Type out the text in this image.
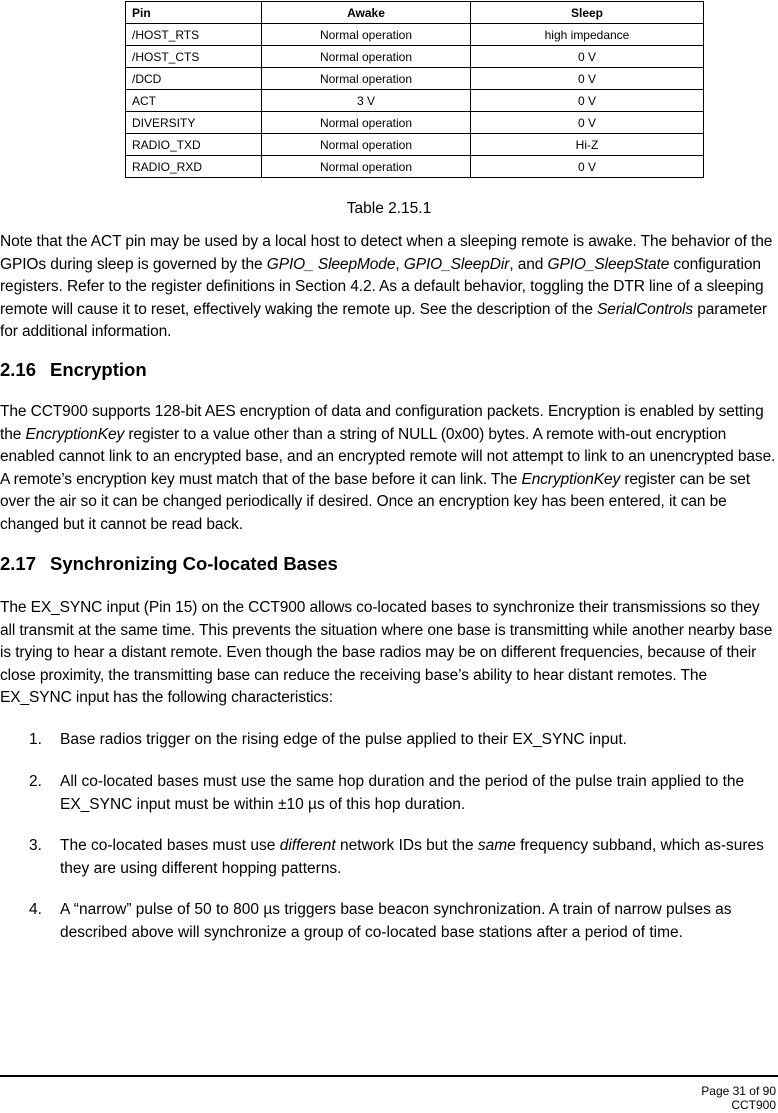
Pin	Awake	Sleep
/HOST_RTS	Normal operation	high impedance
/HOST_CTS	Normal operation	0 V
/DCD	Normal operation	0 V
ACT	3 V	0 V
DIVERSITY	Normal operation	0 V
RADIO_TXD	Normal operation	Hi-Z
RADIO_RXD	Normal operation	0 V
Table 2.15.1

Note that the ACT pin may be used by a local host to detect when a sleeping remote is awake. The behavior of the GPIOs during sleep is governed by the GPIO_ SleepMode, GPIO_SleepDir, and GPIO_SleepState configuration registers. Refer to the register definitions in Section 4.2. As a default behavior, toggling the DTR line of a sleeping remote will cause it to reset, effectively waking the remote up. See the description of the SerialControls parameter for additional information.

2.16 Encryption

The CCT900 supports 128-bit AES encryption of data and configuration packets. Encryption is enabled by setting the EncryptionKey register to a value other than a string of NULL (0x00) bytes. A remote with-out encryption enabled cannot link to an encrypted base, and an encrypted remote will not attempt to link to an unencrypted base. A remote’s encryption key must match that of the base before it can link. The EncryptionKey register can be set over the air so it can be changed periodically if desired. Once an encryption key has been entered, it can be changed but it cannot be read back.

2.17 Synchronizing Co-located Bases

The EX_SYNC input (Pin 15) on the CCT900 allows co-located bases to synchronize their transmissions so they all transmit at the same time. This prevents the situation where one base is transmitting while another nearby base is trying to hear a distant remote. Even though the base radios may be on different frequencies, because of their close proximity, the transmitting base can reduce the receiving base’s ability to hear distant remotes. The EX_SYNC input has the following characteristics:

1. Base radios trigger on the rising edge of the pulse applied to their EX_SYNC input.

2. All co-located bases must use the same hop duration and the period of the pulse train applied to the EX_SYNC input must be within ±10 µs of this hop duration.

3. The co-located bases must use different network IDs but the same frequency subband, which as-sures they are using different hopping patterns.

4. A “narrow” pulse of 50 to 800 µs triggers base beacon synchronization. A train of narrow pulses as described above will synchronize a group of co-located base stations after a period of time.

Page 31 of 90
CCT900
